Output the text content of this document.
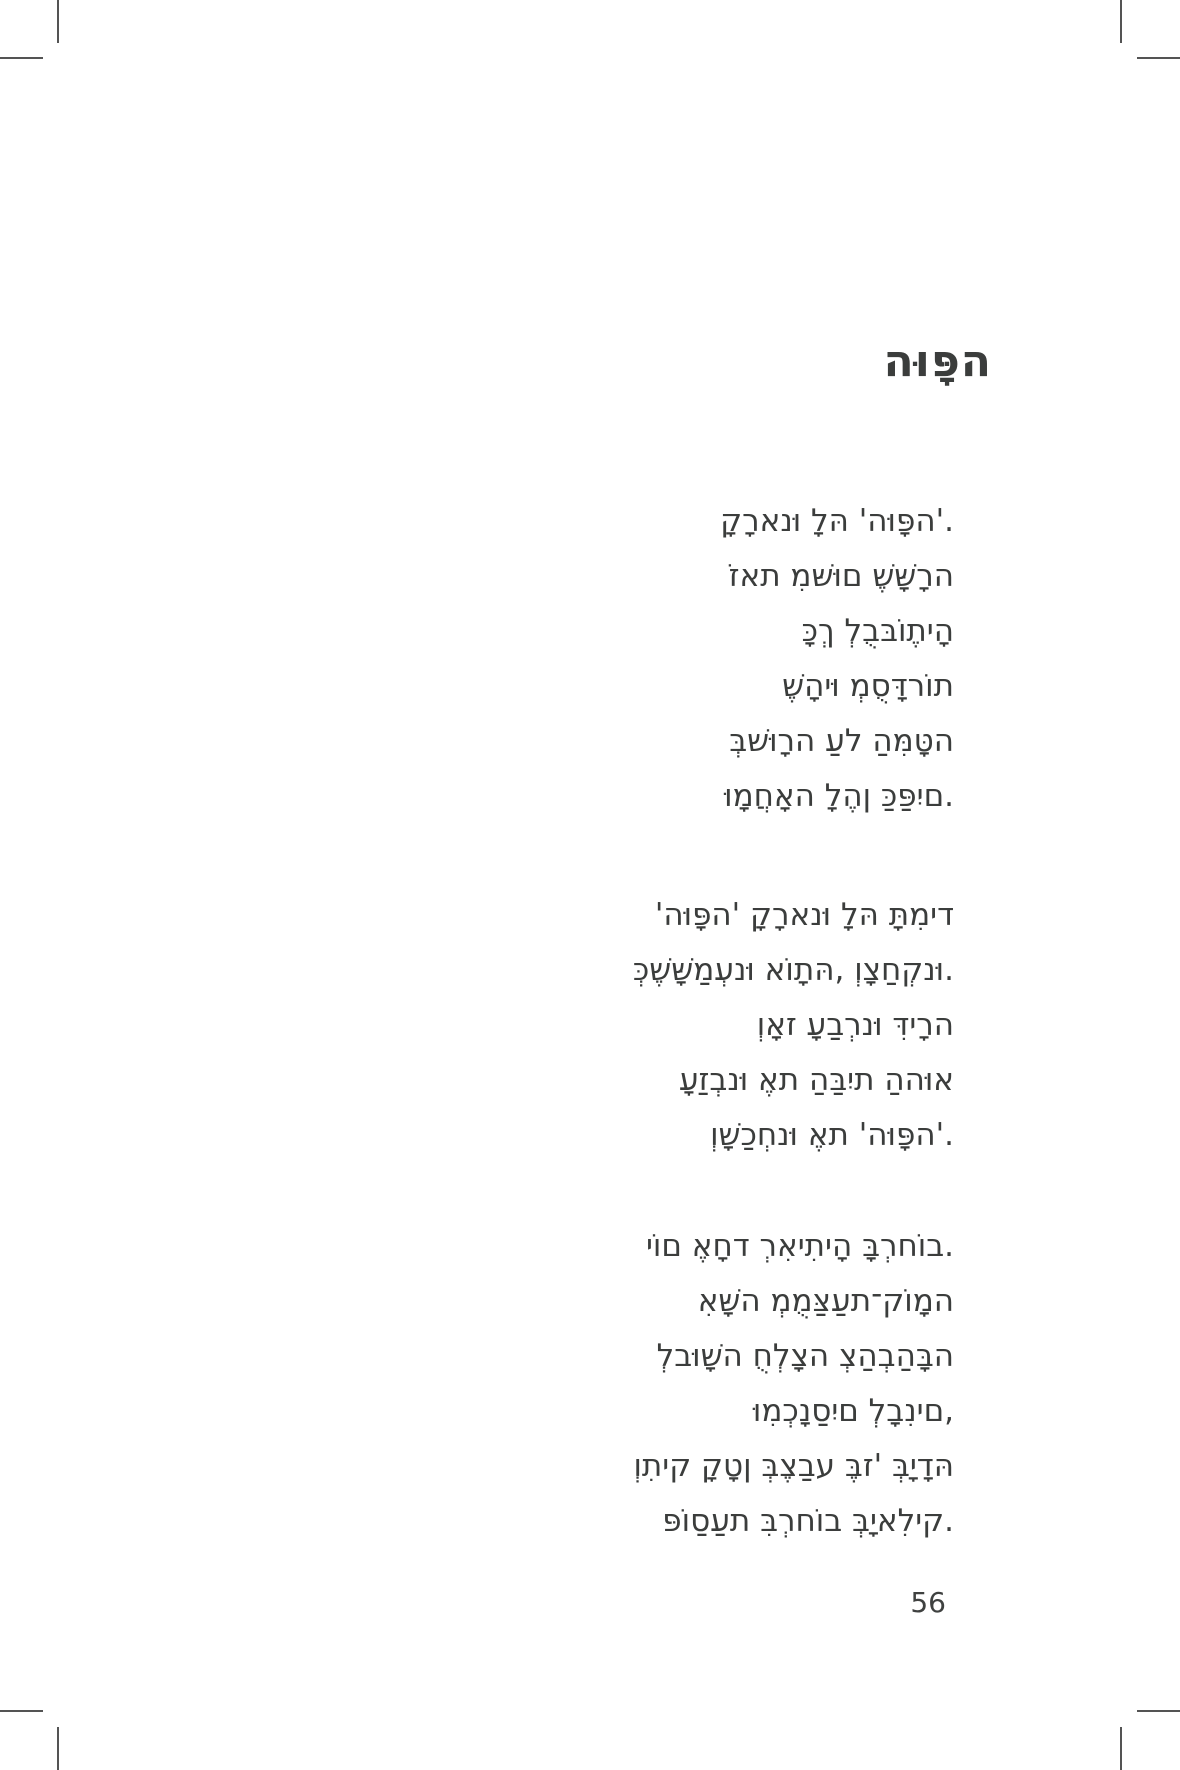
הוּפָּה
קָרָאנוּ לָהּ 'הוּפָּה'.
זֹאת מִשּׁוּם שֶׁשָּׁרָה
כָּךְ לְבֻבּוֹתֶיהָ
שֶׁהָיוּ מְסֻדָּרוֹת
בְּשׁוּרָה עַל הַמִּטָּה
וּמָחֲאָה לָהֶן כַּפַּיִם.
'הוּפָּה' קָרָאנוּ לָהּ תָּמִיד
כְּשֶׁשָּׁמַעְנוּ אוֹתָהּ, וְצָחַקְנוּ.
וְאָז עָבַרְנוּ דִּירָה
עָזַבְנוּ אֶת הַבַּיִת הַהוּא
וְשָׁכַחְנוּ אֶת 'הוּפָּה'.
יוֹם אֶחָד רְאִיתִיהָ בָּרְחוֹב.
אִשָּׁה מְמֻצַּעַת־קוֹמָה
לְבוּשָׁה חֻלְצָה צְהַבְהַבָּה
וּמִכְנָסַיִם לְבָנִים,
וְתִיק קָטָן בְּצֶבַע בֶּז' בְּיָדָהּ
פּוֹסַעַת בִּרְחוֹב בְּיָאלִיק.
56
